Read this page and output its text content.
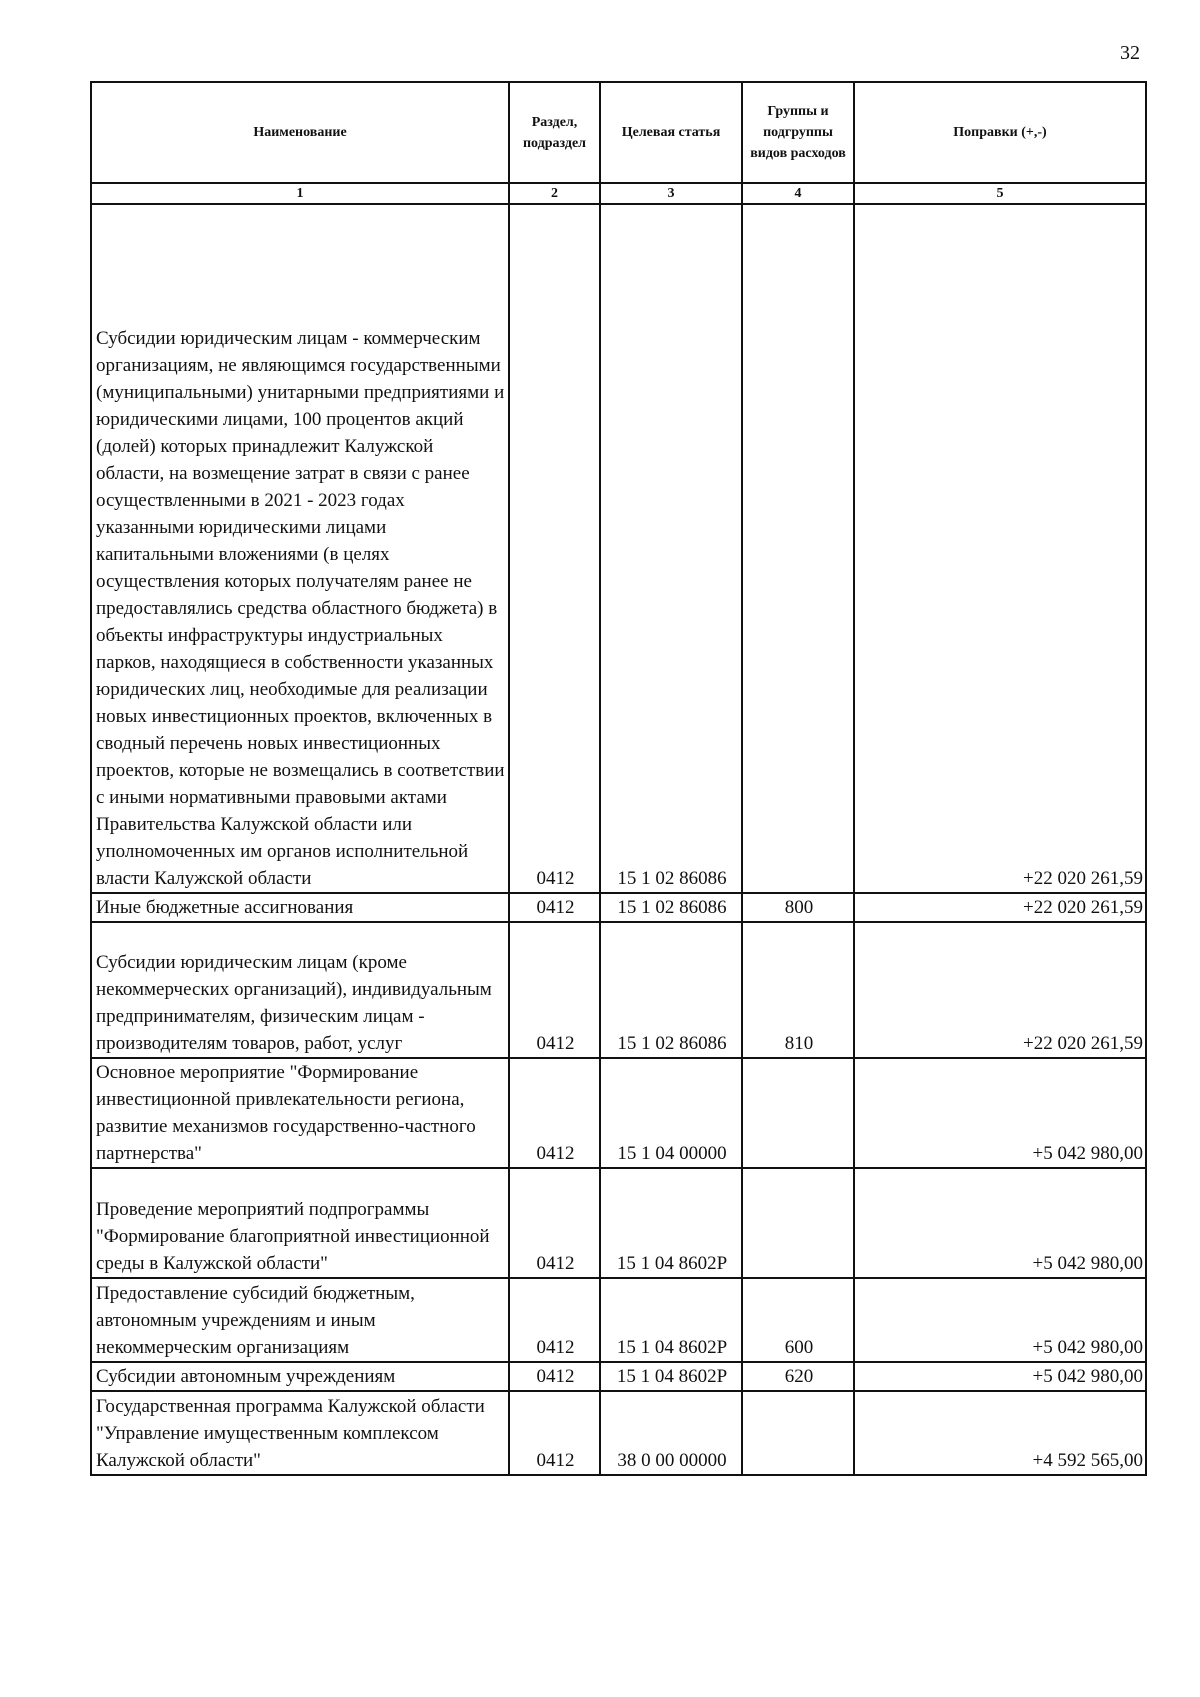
32
Наименование	Раздел, подраздел	Целевая статья	Группы и подгруппы видов расходов	Поправки (+,-)
1	2	3	4	5
Субсидии юридическим лицам - коммерческим организациям, не являющимся государственными (муниципальными) унитарными предприятиями и юридическими лицами, 100 процентов акций (долей) которых принадлежит Калужской области, на возмещение затрат в связи с ранее осуществленными в 2021 - 2023 годах указанными юридическими лицами капитальными вложениями (в целях осуществления которых получателям ранее не предоставлялись средства областного бюджета) в объекты инфраструктуры индустриальных парков, находящиеся в собственности указанных юридических лиц, необходимые для реализации новых инвестиционных проектов, включенных в сводный перечень новых инвестиционных проектов, которые не возмещались в соответствии с иными нормативными правовыми актами Правительства Калужской области или уполномоченных им органов исполнительной власти Калужской области	0412	15 1 02 86086		+22 020 261,59
Иные бюджетные ассигнования	0412	15 1 02 86086	800	+22 020 261,59
Субсидии юридическим лицам (кроме некоммерческих организаций), индивидуальным предпринимателям, физическим лицам - производителям товаров, работ, услуг	0412	15 1 02 86086	810	+22 020 261,59
Основное мероприятие "Формирование инвестиционной привлекательности региона, развитие механизмов государственно-частного партнерства"	0412	15 1 04 00000		+5 042 980,00
Проведение мероприятий подпрограммы "Формирование благоприятной инвестиционной среды в Калужской области"	0412	15 1 04 8602P		+5 042 980,00
Предоставление субсидий бюджетным, автономным учреждениям и иным некоммерческим организациям	0412	15 1 04 8602P	600	+5 042 980,00
Субсидии автономным учреждениям	0412	15 1 04 8602P	620	+5 042 980,00
Государственная программа Калужской области "Управление имущественным комплексом Калужской области"	0412	38 0 00 00000		+4 592 565,00
